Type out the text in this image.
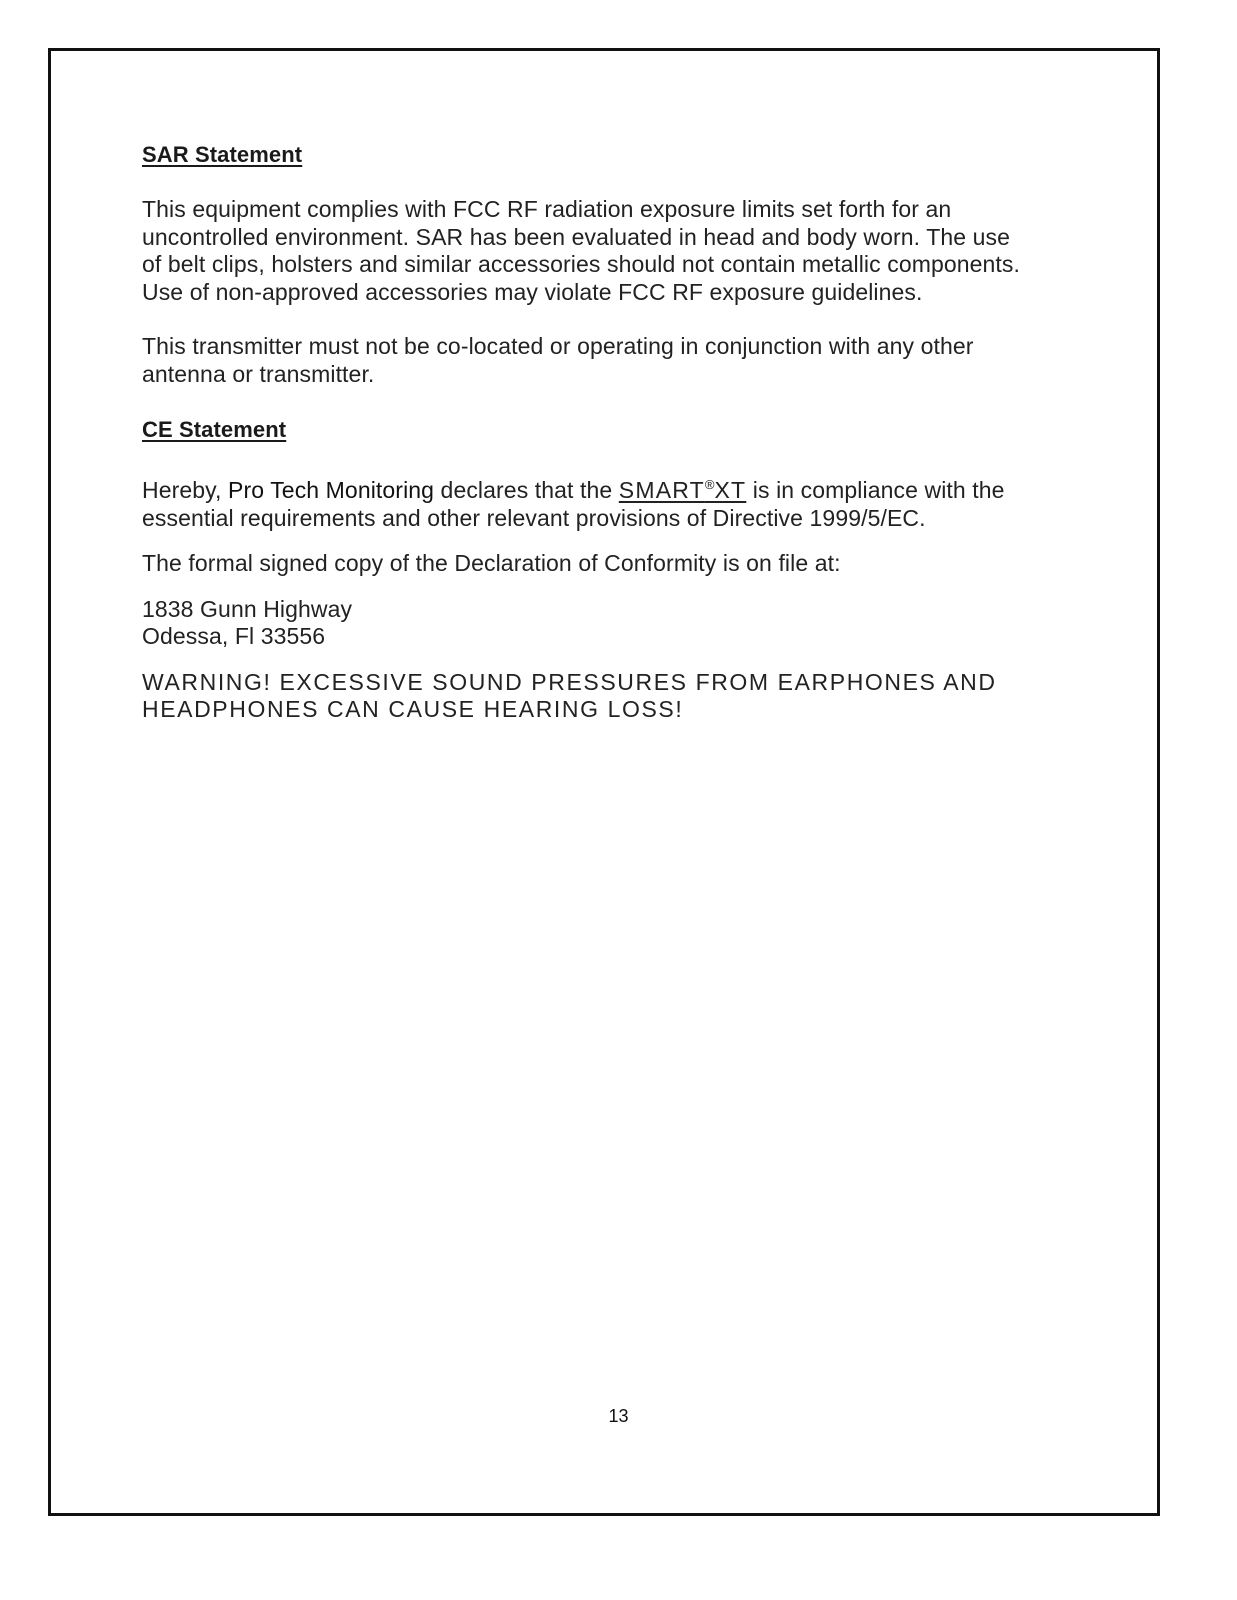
SAR Statement

This equipment complies with FCC RF radiation exposure limits set forth for an
uncontrolled environment. SAR has been evaluated in head and body worn. The use
of belt clips, holsters and similar accessories should not contain metallic components.
Use of non-approved accessories may violate FCC RF exposure guidelines.

This transmitter must not be co-located or operating in conjunction with any other
antenna or transmitter.

CE Statement

Hereby, Pro Tech Monitoring declares that the SMART®XT is in compliance with the
essential requirements and other relevant provisions of Directive 1999/5/EC.

The formal signed copy of the Declaration of Conformity is on file at:

1838 Gunn Highway
Odessa, Fl 33556

WARNING! EXCESSIVE SOUND PRESSURES FROM EARPHONES AND
HEADPHONES CAN CAUSE HEARING LOSS!

13
